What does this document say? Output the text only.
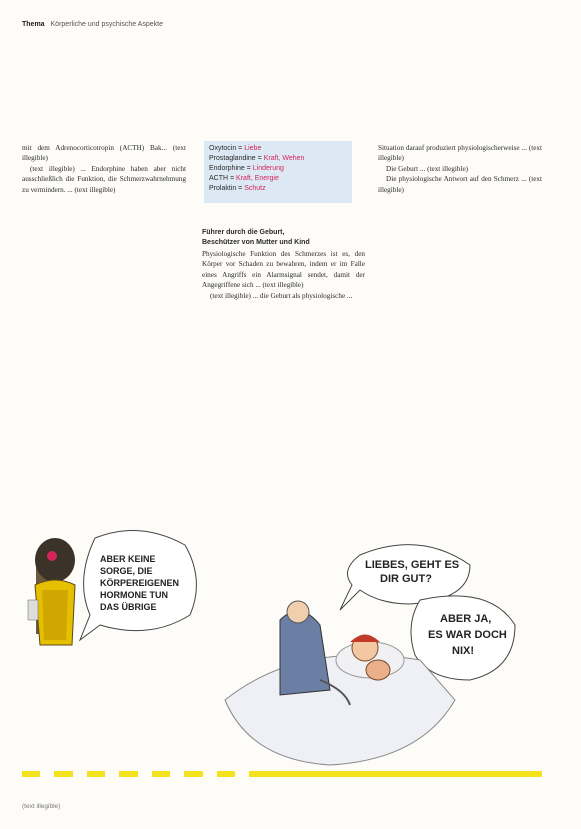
Thema Körperliche und psychische Aspekte

mit dem Adrenocorticotropin (ACTH) Bak... (text illegible)

(text illegible) ... Endorphine haben aber nicht ausschließlich die Funktion, die Schmerzwahrnehmung zu vermindern. ... (text illegible)

Oxytocin = Liebe
Prostaglandine = Kraft, Wehen
Endorphine = Linderung
ACTH = Kraft, Energie
Prolaktin = Schutz
Führer durch die Geburt,
Beschützer von Mutter und Kind

Physiologische Funktion des Schmerzes ist es, den Körper vor Schaden zu bewahren, indem er im Falle eines Angriffs ein Alarmsignal sendet, damit der Angegriffene sich ... (text illegible)

(text illegible) ... die Geburt als physiologische ...

Situation darauf produziert physiologischerweise ... (text illegible)

Die Geburt ... (text illegible)

Die physiologische Antwort auf den Schmerz ... (text illegible)

ABER KEINE SORGE, DIE KÖRPEREIGENEN HORMONE TUN DAS ÜBRIGE
LIEBES, GEHT ES DIR GUT?
ABER JA, ES WAR DOCH NIX!
(text illegible)
